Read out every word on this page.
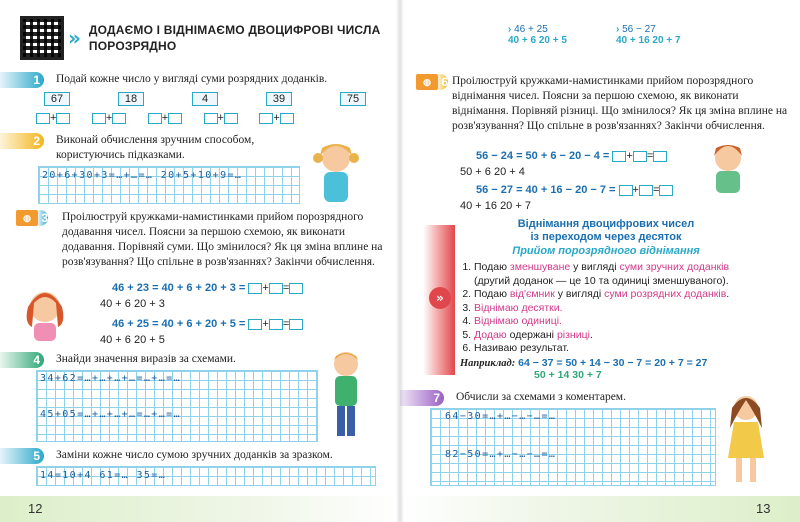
» ДОДАЄМО І ВІДНІМАЄМО ДВОЦИФРОВІ ЧИСЛА
ПОРОЗРЯДНО
1	Подай кожне число у вигляді суми розрядних доданків.
67	18	4	39	75
+	+	+	+	+
2	Виконай обчислення зручним способом,
користуючись підказками.
20+6+30+3=…+…=… 20+5+10+9=…
◍ 3 Проілюструй кружками-намистинками прийом порозрядного додавання чисел. Поясни за першою схемою, як виконати додавання. Порівняй суми. Що змінилося? Як ця зміна вплине на розв'язування? Що спільне в розв'язаннях? Закінчи обчислення.
46 + 23 = 40 + 6 + 20 + 3 = + =
40 + 6 20 + 3
46 + 25 = 40 + 6 + 20 + 5 = + =
40 + 6 20 + 5
4	Знайди значення виразів за схемами.
34+62=…+…+…+…=…+…=…
45+05=…+…+…+…=…+…=…
5	Заміни кожне число сумою зручних доданків за зразком.
14=10+4 61=… 35=…
12	13
› 46 + 25
40 + 6 20 + 5
› 56 − 27
40 + 16 20 + 7
◍ 6 Проілюструй кружками-намистинками прийом порозрядного віднімання чисел. Поясни за першою схемою, як виконати віднімання. Порівняй різниці. Що змінилося? Як ця зміна вплине на розв'язування? Що спільне в розв'язаннях? Закінчи обчислення.
56 − 24 = 50 + 6 − 20 − 4 = + =
50 + 6 20 + 4
56 − 27 = 40 + 16 − 20 − 7 = + =
40 + 16 20 + 7
»
Віднімання двоцифрових чисел
із переходом через десяток
Прийом порозрядного віднімання
1. Подаю зменшуване у вигляді суми зручних доданків (другий доданок — це 10 та одиниці зменшуваного).
2. Подаю від'ємник у вигляді суми розрядних доданків.
3. Віднімаю десятки.
4. Віднімаю одиниці.
5. Додаю одержані різниці.
6. Називаю результат.
Наприклад: 64 − 37 = 50 + 14 − 30 − 7 = 20 + 7 = 27
50 + 14 30 + 7
7	Обчисли за схемами з коментарем.
64−30=…+…−…−…=…
82−50=…+…−…−…=…
